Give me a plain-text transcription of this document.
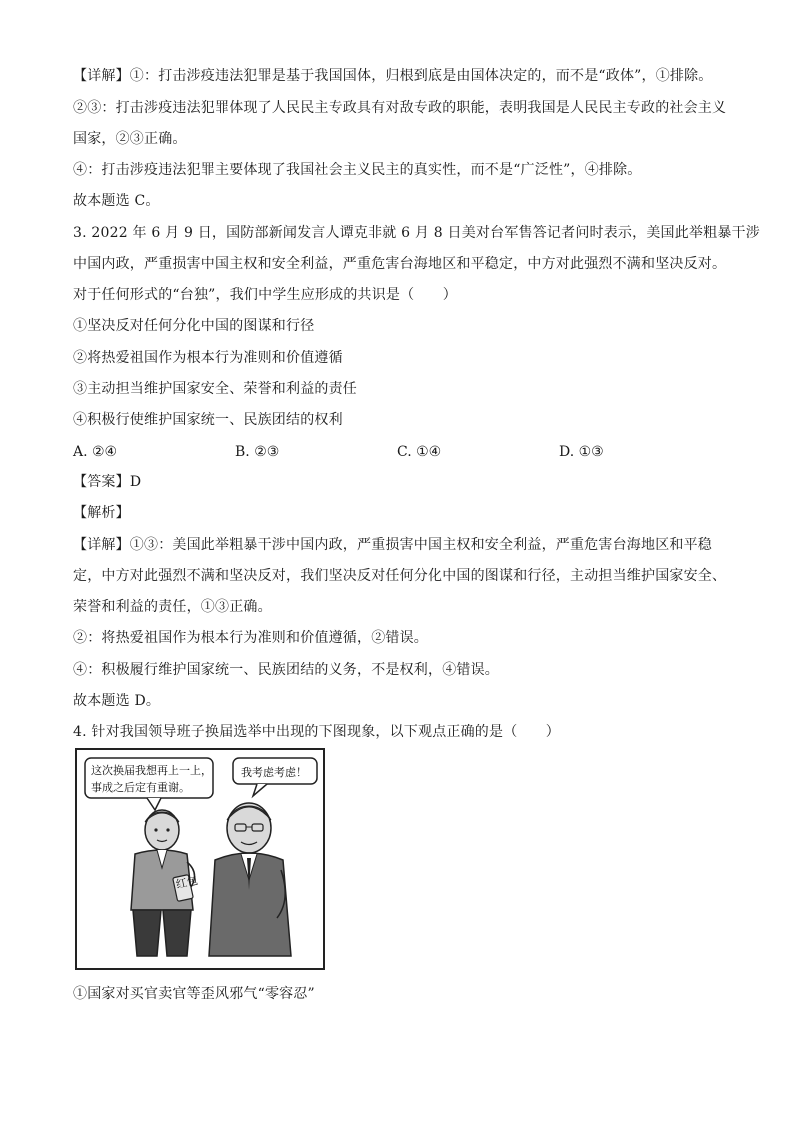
【详解】①：打击涉疫违法犯罪是基于我国国体，归根到底是由国体决定的，而不是“政体”，①排除。
②③：打击涉疫违法犯罪体现了人民民主专政具有对敌专政的职能，表明我国是人民民主专政的社会主义
国家，②③正确。
④：打击涉疫违法犯罪主要体现了我国社会主义民主的真实性，而不是“广泛性”，④排除。
故本题选 C。
3. 2022 年 6 月 9 日，国防部新闻发言人谭克非就 6 月 8 日美对台军售答记者问时表示，美国此举粗暴干涉
中国内政，严重损害中国主权和安全利益，严重危害台海地区和平稳定，中方对此强烈不满和坚决反对。
对于任何形式的“台独”，我们中学生应形成的共识是（　　）
①坚决反对任何分化中国的图谋和行径
②将热爱祖国作为根本行为准则和价值遵循
③主动担当维护国家安全、荣誉和利益的责任
④积极行使维护国家统一、民族团结的权利
A. ②④	B. ②③	C. ①④	D. ①③
【答案】D
【解析】
【详解】①③：美国此举粗暴干涉中国内政，严重损害中国主权和安全利益，严重危害台海地区和平稳
定，中方对此强烈不满和坚决反对，我们坚决反对任何分化中国的图谋和行径，主动担当维护国家安全、
荣誉和利益的责任，①③正确。
②：将热爱祖国作为根本行为准则和价值遵循，②错误。
④：积极履行维护国家统一、民族团结的义务，不是权利，④错误。
故本题选 D。
4. 针对我国领导班子换届选举中出现的下图现象，以下观点正确的是（　　）
这次换届我想再上一上，
事成之后定有重谢。
我考虑考虑！
红包
①国家对买官卖官等歪风邪气“零容忍”
